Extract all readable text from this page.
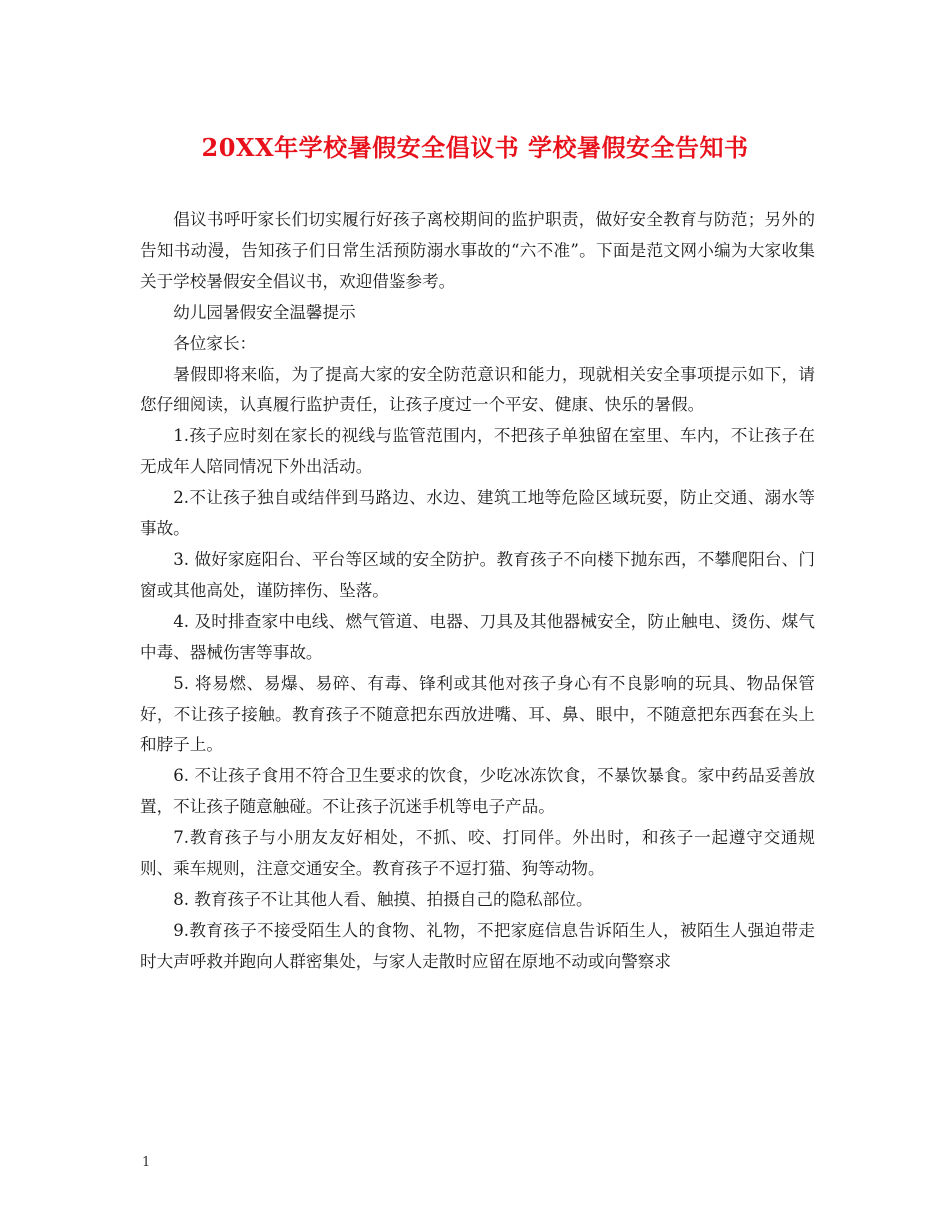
20XX年学校暑假安全倡议书 学校暑假安全告知书

倡议书呼吁家长们切实履行好孩子离校期间的监护职责，做好安全教育与防范；另外的告知书动漫，告知孩子们日常生活预防溺水事故的“六不准”。下面是范文网小编为大家收集关于学校暑假安全倡议书，欢迎借鉴参考。

幼儿园暑假安全温馨提示

各位家长：

暑假即将来临，为了提高大家的安全防范意识和能力，现就相关安全事项提示如下，请您仔细阅读，认真履行监护责任，让孩子度过一个平安、健康、快乐的暑假。

1.孩子应时刻在家长的视线与监管范围内，不把孩子单独留在室里、车内，不让孩子在无成年人陪同情况下外出活动。

2.不让孩子独自或结伴到马路边、水边、建筑工地等危险区域玩耍，防止交通、溺水等事故。

3. 做好家庭阳台、平台等区域的安全防护。教育孩子不向楼下抛东西，不攀爬阳台、门窗或其他高处，谨防摔伤、坠落。

4. 及时排查家中电线、燃气管道、电器、刀具及其他器械安全，防止触电、烫伤、煤气中毒、器械伤害等事故。

5. 将易燃、易爆、易碎、有毒、锋利或其他对孩子身心有不良影响的玩具、物品保管好，不让孩子接触。教育孩子不随意把东西放进嘴、耳、鼻、眼中，不随意把东西套在头上和脖子上。

6. 不让孩子食用不符合卫生要求的饮食，少吃冰冻饮食，不暴饮暴食。家中药品妥善放置，不让孩子随意触碰。不让孩子沉迷手机等电子产品。

7.教育孩子与小朋友友好相处，不抓、咬、打同伴。外出时，和孩子一起遵守交通规则、乘车规则，注意交通安全。教育孩子不逗打猫、狗等动物。

8. 教育孩子不让其他人看、触摸、拍摄自己的隐私部位。

9.教育孩子不接受陌生人的食物、礼物，不把家庭信息告诉陌生人，被陌生人强迫带走时大声呼救并跑向人群密集处，与家人走散时应留在原地不动或向警察求

1
